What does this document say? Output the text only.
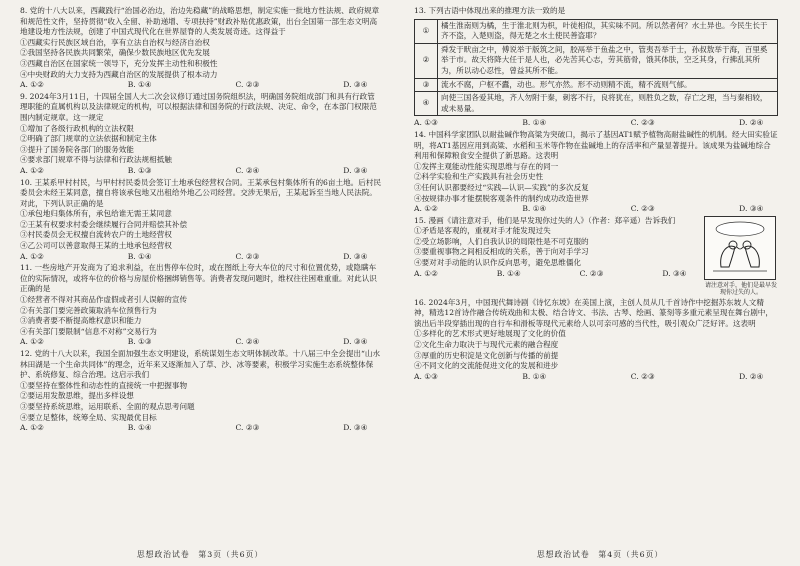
8. 党的十八大以来，西藏践行“治国必治边，治边先稳藏”的战略思想，制定实施一批地方性法规、政府规章和规范性文件，坚持贯彻“收入全留、补助递增、专项扶持”财政补贴优惠政策，出台全国第一部生态文明高地建设地方性法规，创建了中国式现代化在世界屋脊的人类发展奇迹。这得益于
①西藏实行民族区域自治，享有立法自治权与经济自治权
②我国坚持各民族共同繁荣，确保少数民族地区优先发展
③西藏自治区在国家统一领导下，充分发挥主动性和积极性
④中央财政的大力支持为西藏自治区的发展提供了根本动力
A. ①②	B. ①④	C. ②③	D. ③④
9. 2024年3月11日，十四届全国人大二次会议修订通过国务院组织法，明确国务院组成部门和具有行政管理职能的直属机构以及法律规定的机构，可以根据法律和国务院的行政法规、决定、命令，在本部门权限范围内制定规章。这一规定
①增加了各级行政机构的立法权限
②明确了部门规章的立法依据和制定主体
③提升了国务院各部门的服务效能
④要求部门规章不得与法律和行政法规相抵触
A. ①②	B. ①③	C. ②④	D. ③④
10. 王某系甲村村民，与甲村村民委员会签订土地承包经营权合同。王某承包村集体所有的6亩土地。后村民委员会未经王某同意，擅自将该承包地又出租给外地乙公司经营。交涉无果后，王某起诉至当地人民法院。对此，下列认识正确的是
①承包地归集体所有，承包给谁无需王某同意
②王某有权要求村委会继续履行合同并赔偿其补偿
③村民委员会无权擅自流转农户的土地经营权
④乙公司可以善意取得王某的土地承包经营权
A. ①②	B. ①④	C. ②③	D. ③④
11. 一些房地产开发商为了追求利益，在出售停车位时，或在图纸上夸大车位的尺寸和位置优势，或隐瞒车位的实际情况，或将车位的价格与房屋价格捆绑销售等。消费者发现问题时，维权往往困难重重。对此认识正确的是
①经营者不得对其商品作虚假或者引人误解的宣传
②有关部门要完善政策取消车位预售行为
③消费者要不断提高维权意识和能力
④有关部门要限制“信息不对称”交易行为
A. ①②	B. ①③	C. ②④	D. ③④
12. 党的十八大以来，我国全面加强生态文明建设，系统谋划生态文明体制改革。十八届三中全会提出“山水林田湖是一个生命共同体”的理念，近年来又逐渐加入了草、沙、冰等要素，积极学习实施生态系统整体保护、系统修复、综合治理。这启示我们
①要坚持在整体性和动态性的直接统一中把握事物
②要运用发散思维，提出多样设想
③要坚持系统思维，运用联系、全面的观点思考问题
④要立足整体，统筹全局、实现最优目标
A. ①②	B. ①④	C. ②③	D. ③④
思想政治试卷　第3页（共6页）
13. 下列古语中体现出来的推理方法一致的是
①	橘生淮南则为橘，生于淮北则为枳，叶徒相似，其实味不同。所以然者何？水土异也。今民生长于齐不盗，入楚则盗，得无楚之水土使民善盗耶？
②	舜发于畎亩之中，傅说举于版筑之间，胶鬲举于鱼盐之中，管夷吾举于士，孙叔敖举于海，百里奚举于市。故天将降大任于是人也，必先苦其心志，劳其筋骨，饿其体肤，空乏其身，行拂乱其所为，所以动心忍性，曾益其所不能。
③	流水不腐，户枢不蠹，动也。形气亦然。形不动则精不流，精不流则气郁。
④	向使三国各爱其地，齐人勿附于秦，刺客不行，良将犹在，则胜负之数，存亡之理，当与秦相较，或未易量。
A. ①③	B. ①④	C. ②③	D. ②④
14. 中国科学家团队以耐盐碱作物高粱为突破口，揭示了基因AT1赋予植物高耐盐碱性的机制。经大田实验证明，将AT1基因应用到高粱、水稻和玉米等作物在盐碱地上的存活率和产量显著提升。该成果为盐碱地综合利用和保障粮食安全提供了新思路。这表明
①发挥主观能动性能实现思维与存在的同一
②科学实验和生产实践具有社会历史性
③任何认识都要经过“实践—认识—实践”的多次反复
④按规律办事才能摆脱客观条件的制约成功改造世界
A. ①②	B. ①④	C. ②③	D. ③④
15. 漫画《请注意对手，他们是早发现你过失的人》（作者：郑辛遥）告诉我们
①矛盾是客观的，重视对手才能发现过失
②受立场影响，人们自我认识的局限性是不可克服的
③要重视事物之间相反相成的关系，善于向对手学习
④要对对手动能的认识作反向思考，避免思维僵化
A. ①②	B. ①④	C. ②③	D. ③④
请注意对手，他们是最早发现你过失的人。
16. 2024年3月，中国现代舞诗剧《诗忆东坡》在美国上演，主创人员从几千首诗作中挖掘苏东坡人文精神，精选12首诗作融合传统戏曲和太极、结合诗文、书法、古琴、绘画、篆刻等多重元素呈现在舞台剧中，演出后半段穿插出现的自行车和滑板等现代元素给人以可亲可感的当代性，吸引观众广泛好评。这表明
①多样化的艺术形式更好地展现了文化的价值
②文化生命力取决于与现代元素的融合程度
③厚重的历史积淀是文化创新与传播的前提
④不同文化的交流能促进文化的发展和进步
A. ①③	B. ①④	C. ②③	D. ②④
思想政治试卷　第4页（共6页）
